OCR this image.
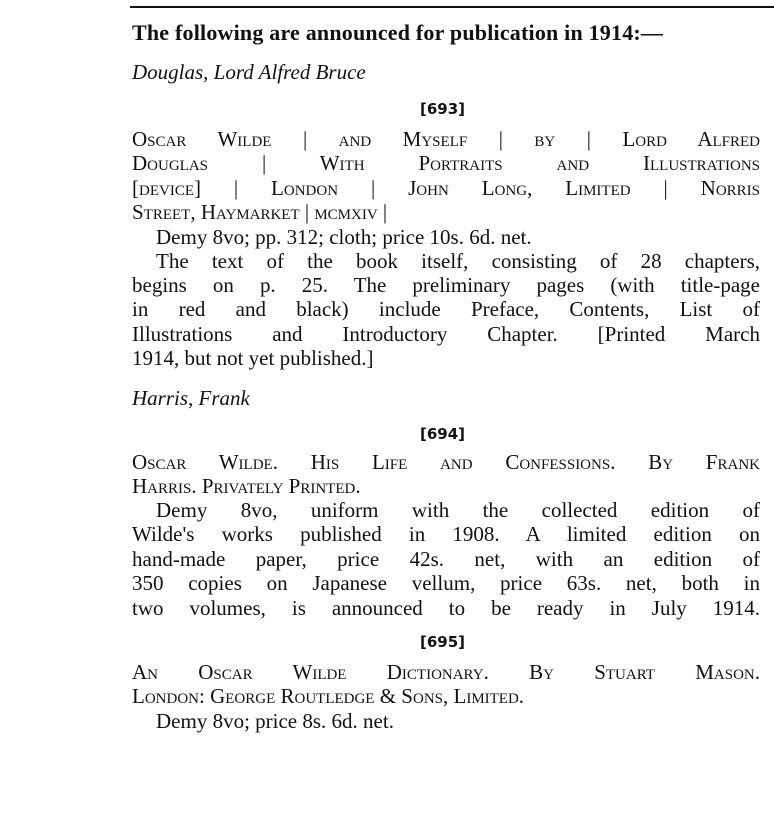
The following are announced for publication in 1914:—
Douglas, Lord Alfred Bruce
[693]
Oscar Wilde | and Myself | by | Lord Alfred
Douglas | With Portraits and Illustrations
[device] | London | John Long, Limited | Norris
Street, Haymarket | mcmxiv |
Demy 8vo; pp. 312; cloth; price 10s. 6d. net.
The text of the book itself, consisting of 28 chapters,
begins on p. 25. The preliminary pages (with title-page
in red and black) include Preface, Contents, List of
Illustrations and Introductory Chapter. [Printed March
1914, but not yet published.]
Harris, Frank
[694]
Oscar Wilde. His Life and Confessions. By Frank
Harris. Privately Printed.
Demy 8vo, uniform with the collected edition of
Wilde's works published in 1908. A limited edition on
hand-made paper, price 42s. net, with an edition of
350 copies on Japanese vellum, price 63s. net, both in
two volumes, is announced to be ready in July 1914.
[695]
An Oscar Wilde Dictionary. By Stuart Mason.
London: George Routledge & Sons, Limited.
Demy 8vo; price 8s. 6d. net.
